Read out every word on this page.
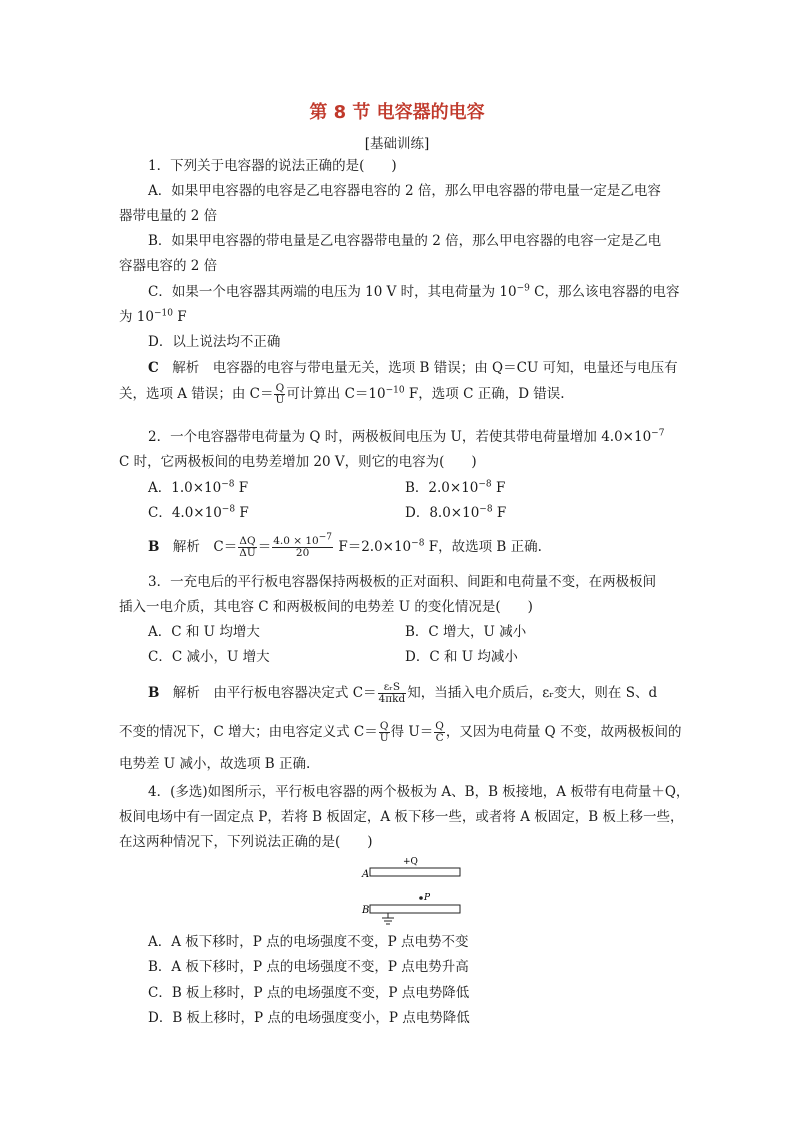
第 8 节 电容器的电容
[基础训练]
1．下列关于电容器的说法正确的是(　　)
A．如果甲电容器的电容是乙电容器电容的 2 倍，那么甲电容器的带电量一定是乙电容
器带电量的 2 倍
B．如果甲电容器的带电量是乙电容器带电量的 2 倍，那么甲电容器的电容一定是乙电
容器电容的 2 倍
C．如果一个电容器其两端的电压为 10 V 时，其电荷量为 $10^{-9}$ C，那么该电容器的电容
为 $10^{-10}$ F
D．以上说法均不正确
C　 解析　 电容器的电容与带电量无关，选项 B 错误；由 Q＝CU 可知，电量还与电压有
关，选项 A 错误；由 $C= \frac{Q}{U}$ 可计算出 $C=10^{-10}$ F，选项 C 正确，D 错误.
2．一个电容器带电荷量为 Q 时，两极板间电压为 U，若使其带电荷量增加 $4.0\times 10^{-7}$
C 时，它两极板间的电势差增加 20 V，则它的电容为(　　)
A．$1.0\times 10^{-8}$ F	B．$2.0\times 10^{-8}$ F
C．$4.0\times 10^{-8}$ F	D．$8.0\times 10^{-8}$ F
B　 解析　 $C= \frac{\Delta Q}{\Delta U} = \frac{4.0 \times 10^{-7}}{20} F=2.0\times 10^{-8}$ F，故选项 B 正确.
3．一充电后的平行板电容器保持两极板的正对面积、间距和电荷量不变，在两极板间
插入一电介质，其电容 C 和两极板间的电势差 U 的变化情况是(　　)
A．C 和 U 均增大	B．C 增大，U 减小
C．C 减小，U 增大	D．C 和 U 均减小
B　 解析　 由平行板电容器决定式 $C= \frac{\text{εᵣS}}{\text{4πkd}}$ 知，当插入电介质后，εᵣ变大，则在 S、d
不变的情况下，C 增大；由电容定义式 $C= \frac{Q}{U}$ 得 $U= \frac{Q}{C}$ ，又因为电荷量 Q 不变，故两极板间的
电势差 U 减小，故选项 B 正确.
4．(多选)如图所示，平行板电容器的两个极板为 A、B，B 板接地，A 板带有电荷量＋Q，
板间电场中有一固定点 P，若将 B 板固定，A 板下移一些，或者将 A 板固定，B 板上移一些，
在这两种情况下，下列说法正确的是(　　)
A
+Q
P
B
A．A 板下移时，P 点的电场强度不变，P 点电势不变
B．A 板下移时，P 点的电场强度不变，P 点电势升高
C．B 板上移时，P 点的电场强度不变，P 点电势降低
D．B 板上移时，P 点的电场强度变小，P 点电势降低
